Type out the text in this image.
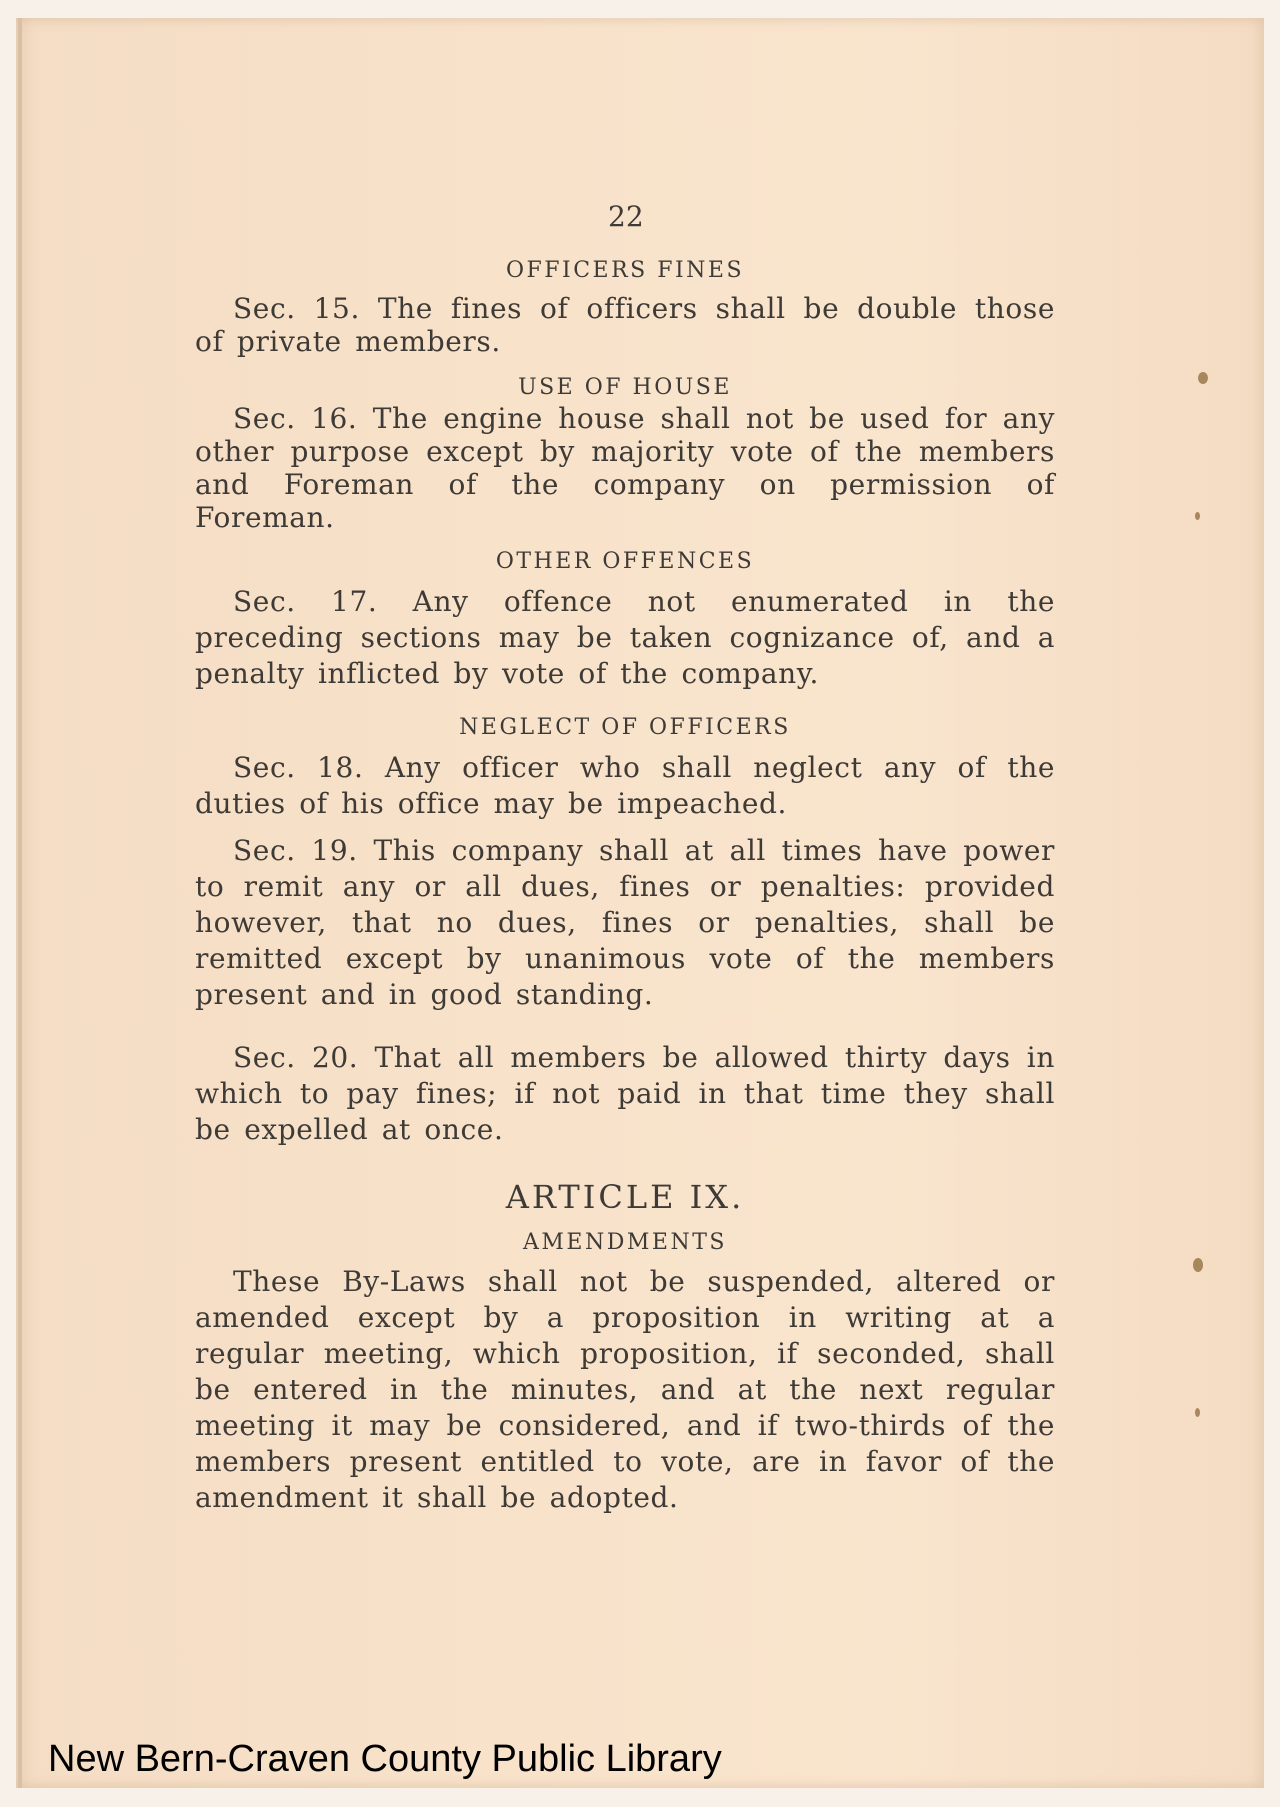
22
OFFICERS FINES
Sec. 15. The fines of officers shall be double those of private members.
USE OF HOUSE
Sec. 16. The engine house shall not be used for any other purpose except by majority vote of the members and Foreman of the company on permission of Foreman.
OTHER OFFENCES
Sec. 17. Any offence not enumerated in the preceding sections may be taken cognizance of, and a penalty inflicted by vote of the company.
NEGLECT OF OFFICERS
Sec. 18. Any officer who shall neglect any of the duties of his office may be impeached.
Sec. 19. This company shall at all times have power to remit any or all dues, fines or penalties: provided however, that no dues, fines or penalties, shall be remitted except by unanimous vote of the members present and in good standing.
Sec. 20. That all members be allowed thirty days in which to pay fines; if not paid in that time they shall be expelled at once.
ARTICLE IX.
AMENDMENTS
These By-Laws shall not be suspended, altered or amended except by a proposition in writing at a regular meeting, which proposition, if seconded, shall be entered in the minutes, and at the next regular meeting it may be considered, and if two-thirds of the members present entitled to vote, are in favor of the amendment it shall be adopted.
New Bern-Craven County Public Library
